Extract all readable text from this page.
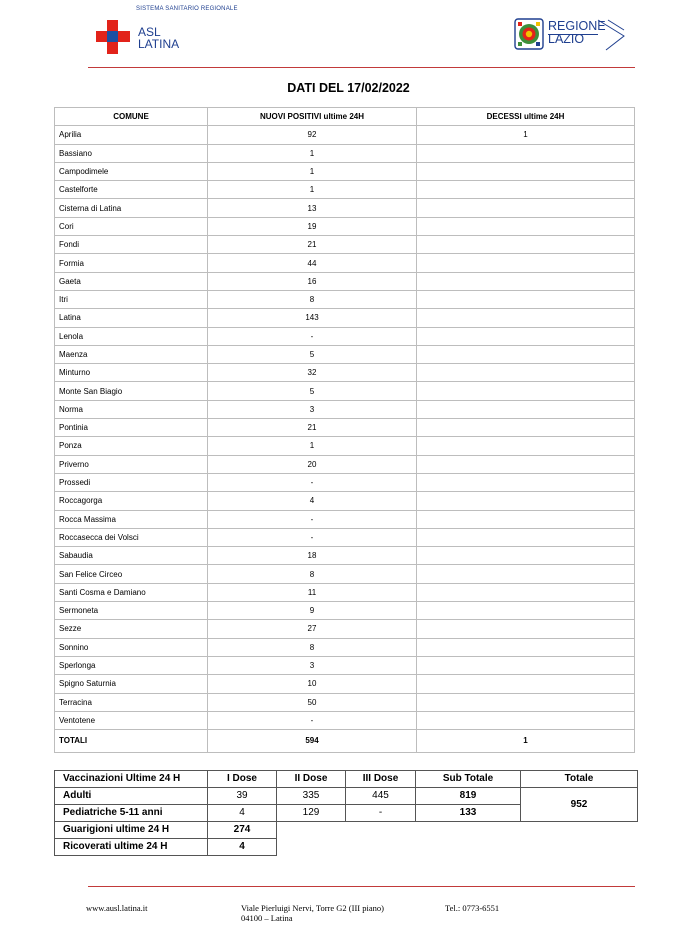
SISTEMA SANITARIO REGIONALE
ASL
LATINA
REGIONE
LAZIO
DATI DEL 17/02/2022
COMUNE	NUOVI POSITIVI ultime 24H	DECESSI ultime 24H
Aprilia	92	1
Bassiano	1	
Campodimele	1	
Castelforte	1	
Cisterna di Latina	13	
Cori	19	
Fondi	21	
Formia	44	
Gaeta	16	
Itri	8	
Latina	143	
Lenola	-	
Maenza	5	
Minturno	32	
Monte San Biagio	5	
Norma	3	
Pontinia	21	
Ponza	1	
Priverno	20	
Prossedi	-	
Roccagorga	4	
Rocca Massima	-	
Roccasecca dei Volsci	-	
Sabaudia	18	
San Felice Circeo	8	
Santi Cosma e Damiano	11	
Sermoneta	9	
Sezze	27	
Sonnino	8	
Sperlonga	3	
Spigno Saturnia	10	
Terracina	50	
Ventotene	-	
TOTALI	594	1
Vaccinazioni Ultime 24 H	I Dose	II Dose	III Dose	Sub Totale	Totale
Adulti	39	335	445	819	952
Pediatriche 5-11 anni	4	129	-	133	
Guarigioni ultime 24 H	274				
Ricoverati ultime 24 H	4				
www.ausl.latina.it	Viale Pierluigi Nervi, Torre G2 (III piano)
04100 – Latina
Tel.: 0773-6551
